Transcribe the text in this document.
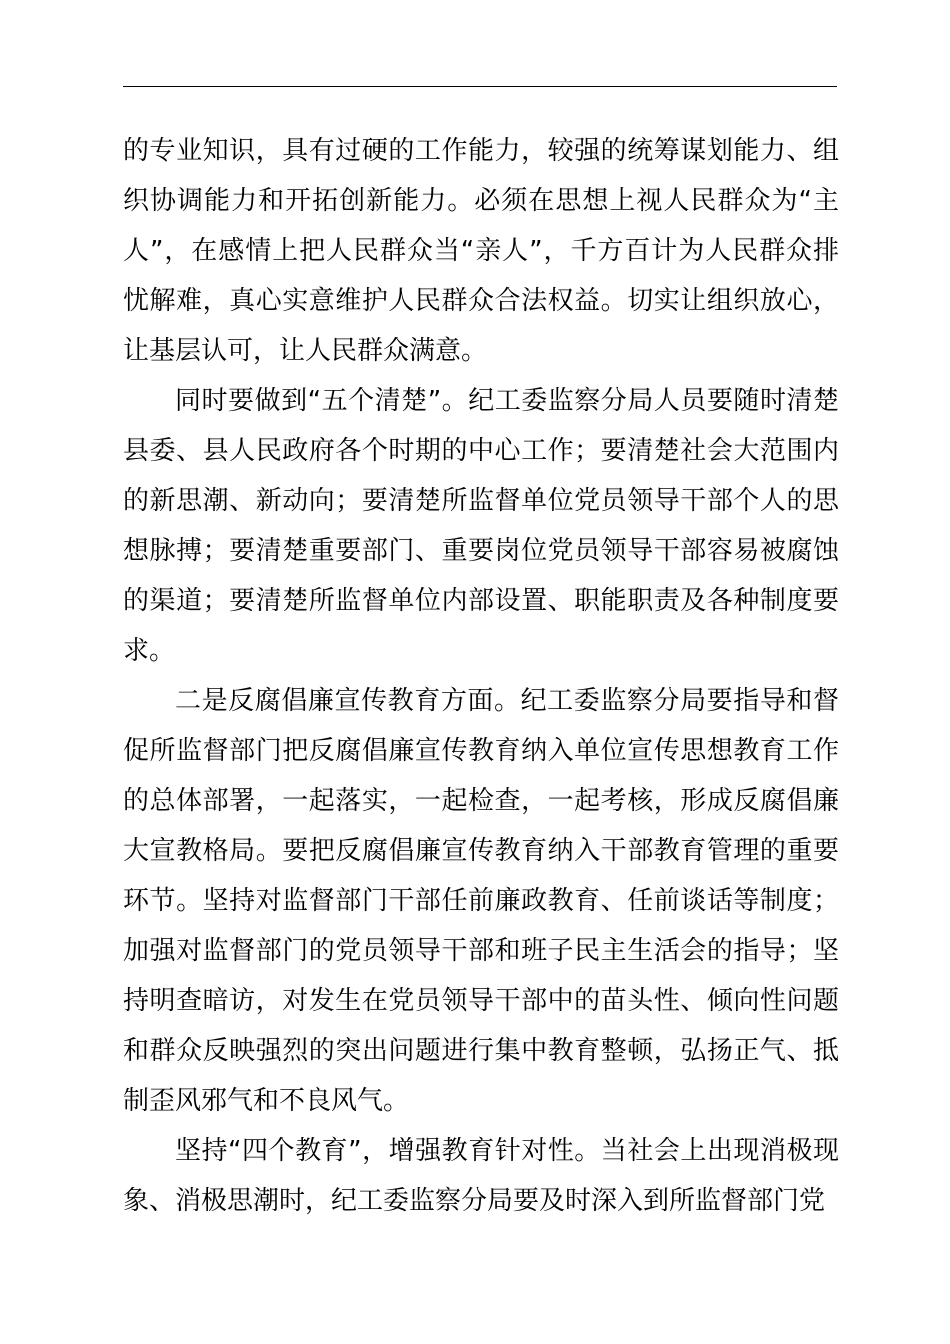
的专业知识，具有过硬的工作能力，较强的统筹谋划能力、组织协调能力和开拓创新能力。必须在思想上视人民群众为“主人”，在感情上把人民群众当“亲人”，千方百计为人民群众排忧解难，真心实意维护人民群众合法权益。切实让组织放心，让基层认可，让人民群众满意。

同时要做到“五个清楚”。纪工委监察分局人员要随时清楚县委、县人民政府各个时期的中心工作；要清楚社会大范围内的新思潮、新动向；要清楚所监督单位党员领导干部个人的思想脉搏；要清楚重要部门、重要岗位党员领导干部容易被腐蚀的渠道；要清楚所监督单位内部设置、职能职责及各种制度要求。

二是反腐倡廉宣传教育方面。纪工委监察分局要指导和督促所监督部门把反腐倡廉宣传教育纳入单位宣传思想教育工作的总体部署，一起落实，一起检查，一起考核，形成反腐倡廉大宣教格局。要把反腐倡廉宣传教育纳入干部教育管理的重要环节。坚持对监督部门干部任前廉政教育、任前谈话等制度；加强对监督部门的党员领导干部和班子民主生活会的指导；坚持明查暗访，对发生在党员领导干部中的苗头性、倾向性问题和群众反映强烈的突出问题进行集中教育整顿，弘扬正气、抵制歪风邪气和不良风气。

坚持“四个教育”，增强教育针对性。当社会上出现消极现象、消极思潮时，纪工委监察分局要及时深入到所监督部门党
